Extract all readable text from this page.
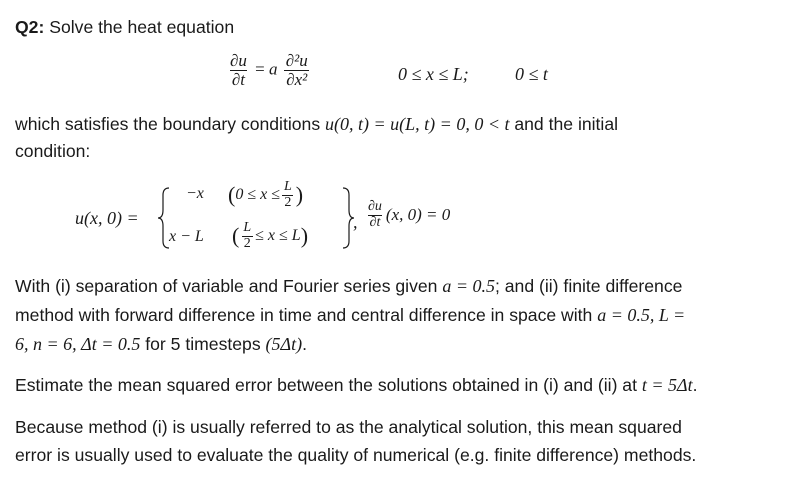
Q2: Solve the heat equation
$\frac{\partial u}{\partial t} = a \frac{\text{∂²u}}{\text{∂x²}}$	0 ≤ x ≤ L;	0 ≤ t
which satisfies the boundary conditions u(0, t) = u(L, t) = 0, 0 < t and the initial
condition:
u(x, 0) =
−x ($0 \le x \le \frac{L}{2}$ )
x − L ( $\frac{L}{2} \le x \le L$)
, $\frac{\partial u}{\partial t} (x$, 0) = 0
With (i) separation of variable and Fourier series given a = 0.5; and (ii) finite difference
method with forward difference in time and central difference in space with a = 0.5, L =
6, n = 6, Δt = 0.5 for 5 timesteps (5Δt).
Estimate the mean squared error between the solutions obtained in (i) and (ii) at t = 5Δt.
Because method (i) is usually referred to as the analytical solution, this mean squared
error is usually used to evaluate the quality of numerical (e.g. finite difference) methods.
